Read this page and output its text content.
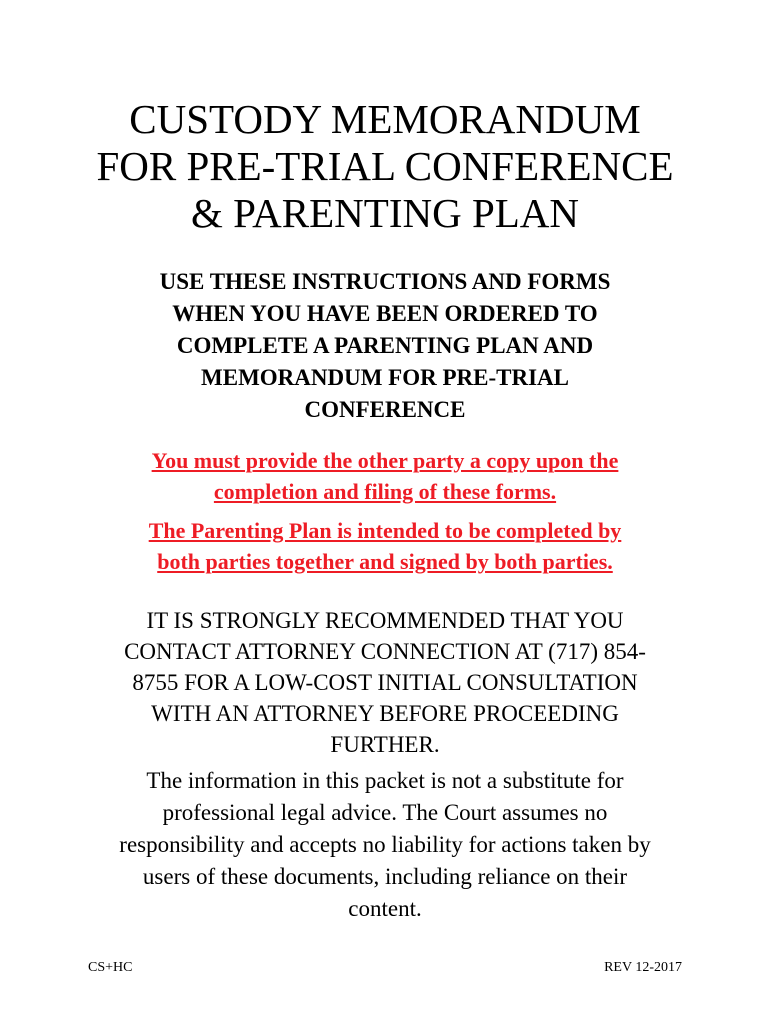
CUSTODY MEMORANDUM
FOR PRE-TRIAL CONFERENCE
& PARENTING PLAN

USE THESE INSTRUCTIONS AND FORMS
WHEN YOU HAVE BEEN ORDERED TO
COMPLETE A PARENTING PLAN AND
MEMORANDUM FOR PRE-TRIAL
CONFERENCE

You must provide the other party a copy upon the
completion and filing of these forms.

The Parenting Plan is intended to be completed by
both parties together and signed by both parties.

IT IS STRONGLY RECOMMENDED THAT YOU
CONTACT ATTORNEY CONNECTION AT (717) 854-
8755 FOR A LOW-COST INITIAL CONSULTATION
WITH AN ATTORNEY BEFORE PROCEEDING
FURTHER.

The information in this packet is not a substitute for
professional legal advice. The Court assumes no
responsibility and accepts no liability for actions taken by
users of these documents, including reliance on their
content.

CS+HC	REV 12-2017
